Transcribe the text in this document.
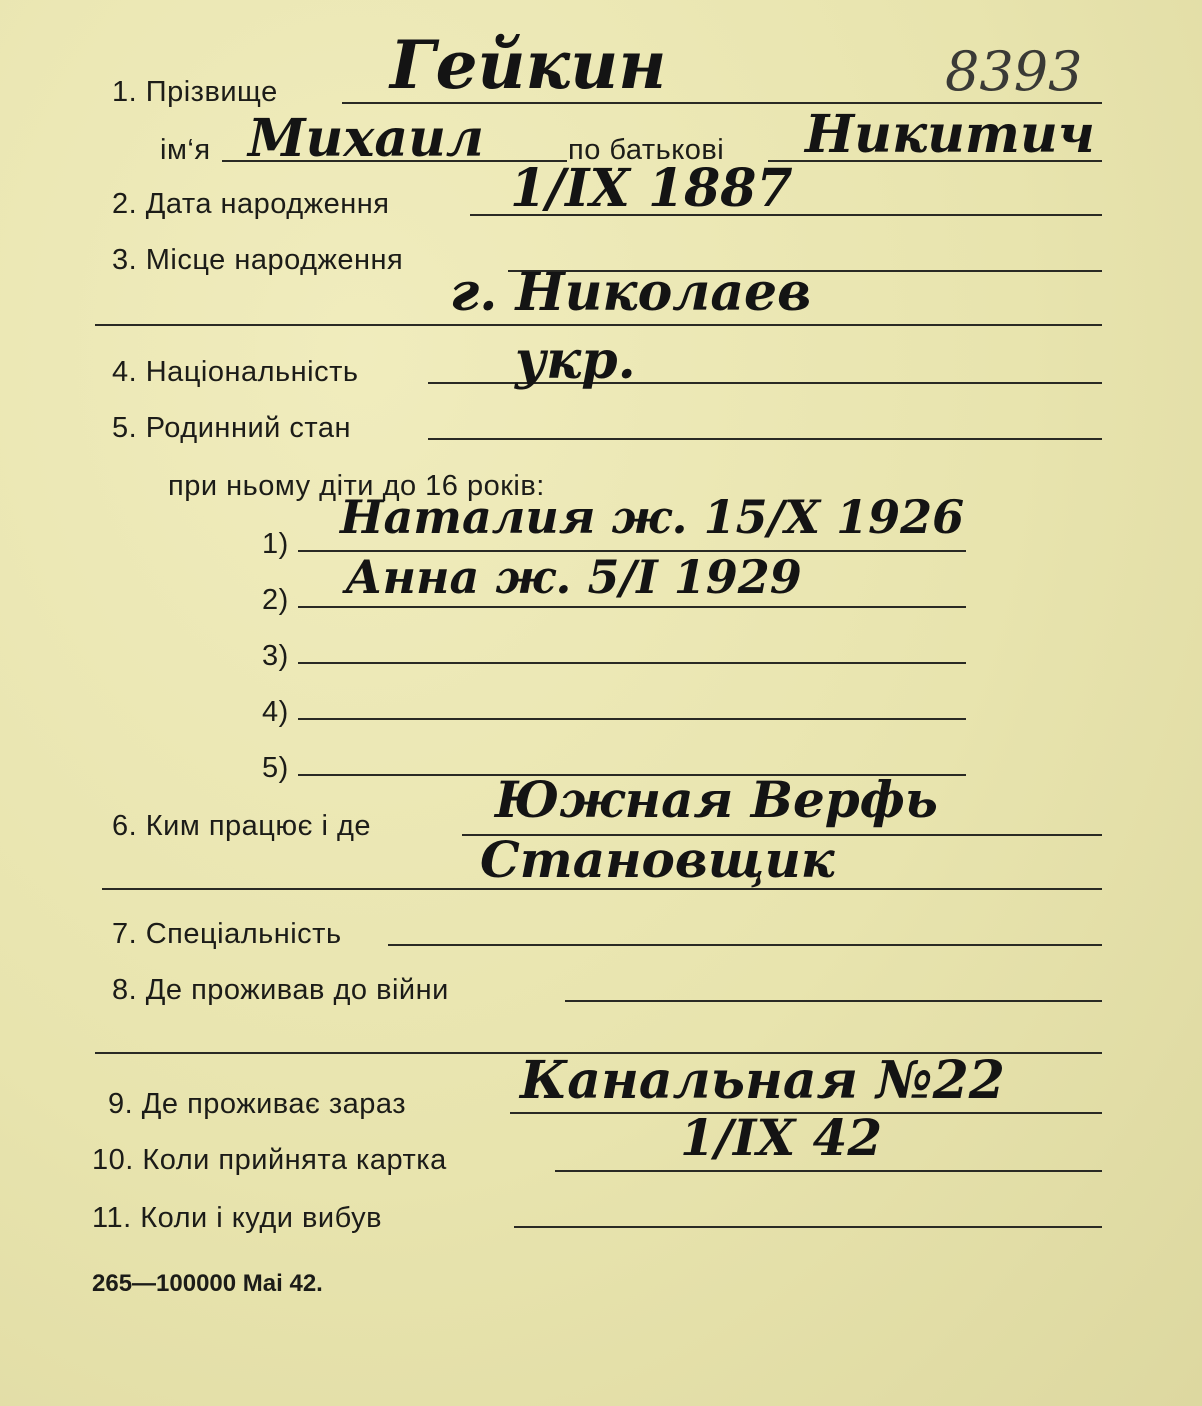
8393
1. Прізвище Гейкин
ім‘я Михаил	по батькові Никитич
2. Дата народження 1/IX 1887
3. Місце народження
г. Николаев
4. Національність	укр.
5. Родинний стан
при ньому діти до 16 років:
1) Наталия ж. 15/X 1926
2) Анна ж. 5/I 1929
3)
4)
5)
6. Ким працює і де Южная Верфь
Становщик
7. Спеціальність
8. Де проживав до війни
9. Де проживає зараз Канальная №22
10. Коли прийнята картка	1/IX 42
11. Коли і куди вибув
265—100000 Mai 42.
